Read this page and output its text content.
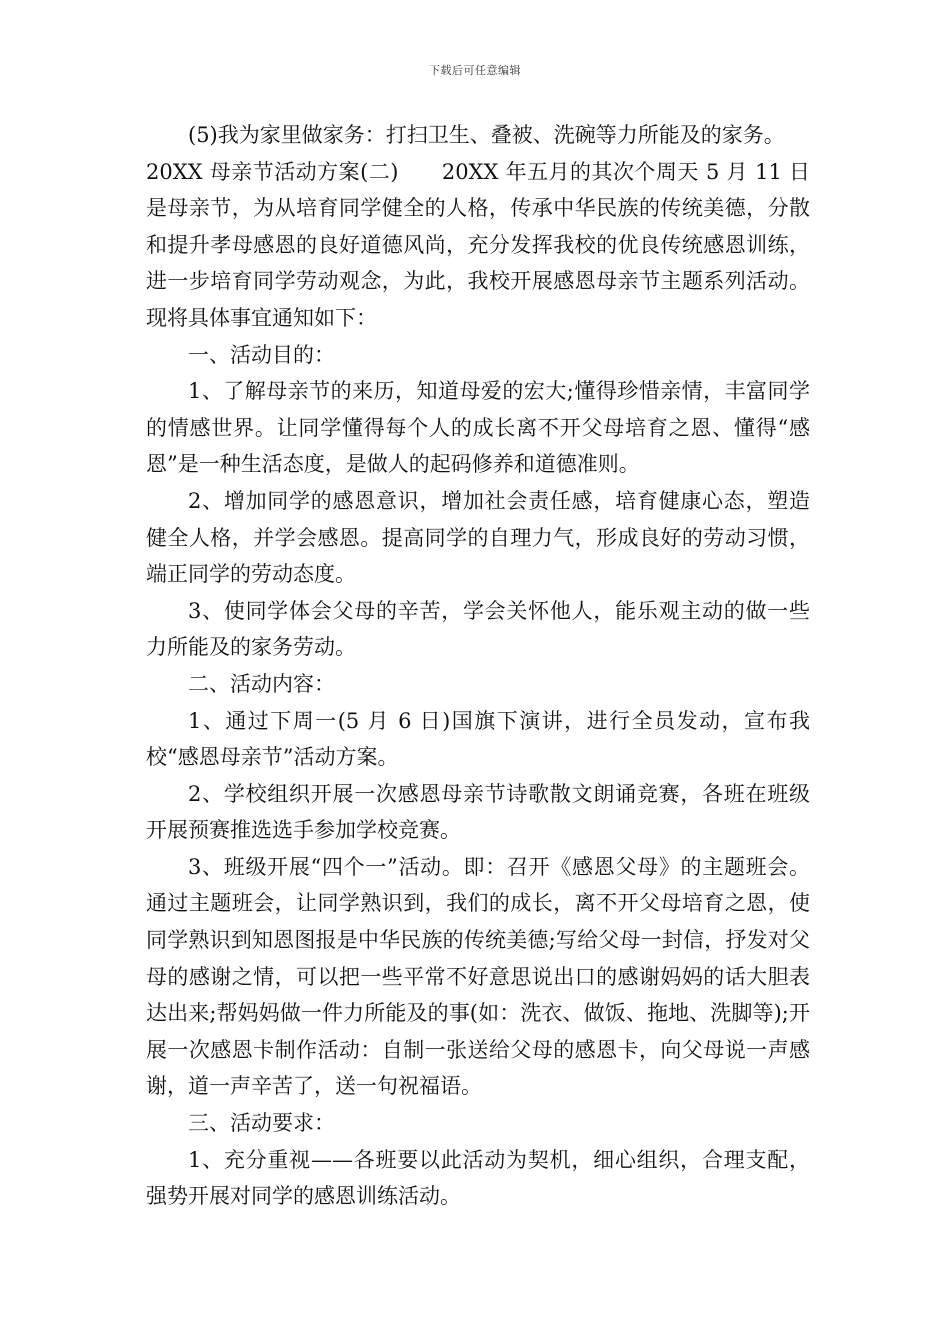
下载后可任意编辑

(5)我为家里做家务：打扫卫生、叠被、洗碗等力所能及的家务。

20XX 母亲节活动方案(二)　　20XX 年五月的其次个周天 5 月 11 日是母亲节，为从培育同学健全的人格，传承中华民族的传统美德，分散和提升孝母感恩的良好道德风尚，充分发挥我校的优良传统感恩训练，进一步培育同学劳动观念，为此，我校开展感恩母亲节主题系列活动。现将具体事宜通知如下：

一、活动目的：

1、了解母亲节的来历，知道母爱的宏大;懂得珍惜亲情，丰富同学的情感世界。让同学懂得每个人的成长离不开父母培育之恩、懂得“感恩”是一种生活态度，是做人的起码修养和道德准则。

2、增加同学的感恩意识，增加社会责任感，培育健康心态，塑造健全人格，并学会感恩。提高同学的自理力气，形成良好的劳动习惯，端正同学的劳动态度。

3、使同学体会父母的辛苦，学会关怀他人，能乐观主动的做一些力所能及的家务劳动。

二、活动内容：

1、通过下周一(5 月 6 日)国旗下演讲，进行全员发动，宣布我校“感恩母亲节”活动方案。

2、学校组织开展一次感恩母亲节诗歌散文朗诵竞赛，各班在班级开展预赛推选选手参加学校竞赛。

3、班级开展“四个一”活动。即：召开《感恩父母》的主题班会。通过主题班会，让同学熟识到，我们的成长，离不开父母培育之恩，使同学熟识到知恩图报是中华民族的传统美德;写给父母一封信，抒发对父母的感谢之情，可以把一些平常不好意思说出口的感谢妈妈的话大胆表达出来;帮妈妈做一件力所能及的事(如：洗衣、做饭、拖地、洗脚等);开展一次感恩卡制作活动：自制一张送给父母的感恩卡，向父母说一声感谢，道一声辛苦了，送一句祝福语。

三、活动要求：

1、充分重视——各班要以此活动为契机，细心组织，合理支配，强势开展对同学的感恩训练活动。
